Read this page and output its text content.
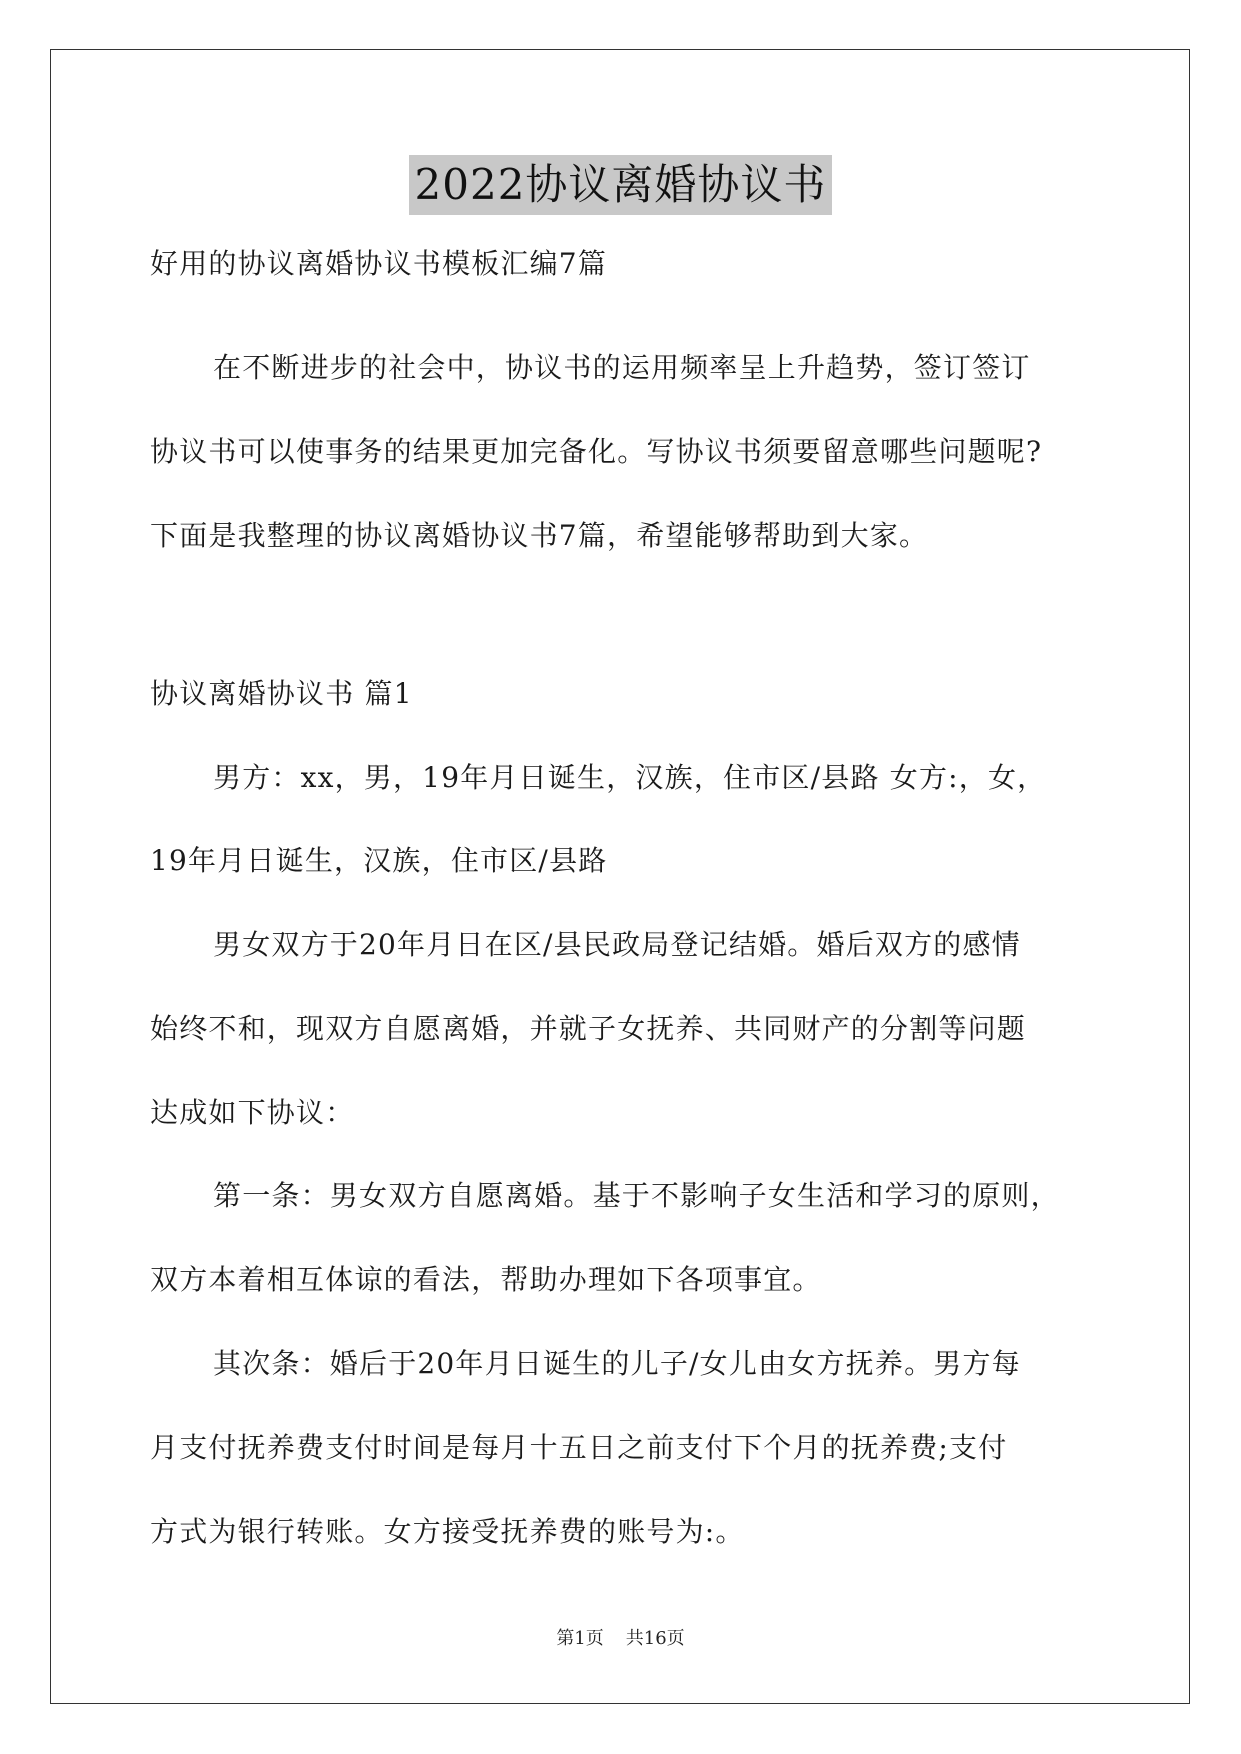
2022协议离婚协议书
好用的协议离婚协议书模板汇编7篇
在不断进步的社会中，协议书的运用频率呈上升趋势，签订签订
协议书可以使事务的结果更加完备化。写协议书须要留意哪些问题呢?
下面是我整理的协议离婚协议书7篇，希望能够帮助到大家。
协议离婚协议书 篇1
男方：xx，男，19年月日诞生，汉族，住市区/县路 女方:，女，
19年月日诞生，汉族，住市区/县路
男女双方于20年月日在区/县民政局登记结婚。婚后双方的感情
始终不和，现双方自愿离婚，并就子女抚养、共同财产的分割等问题
达成如下协议：
第一条：男女双方自愿离婚。基于不影响子女生活和学习的原则，
双方本着相互体谅的看法，帮助办理如下各项事宜。
其次条：婚后于20年月日诞生的儿子/女儿由女方抚养。男方每
月支付抚养费支付时间是每月十五日之前支付下个月的抚养费;支付
方式为银行转账。女方接受抚养费的账号为:。
第1页 共16页
